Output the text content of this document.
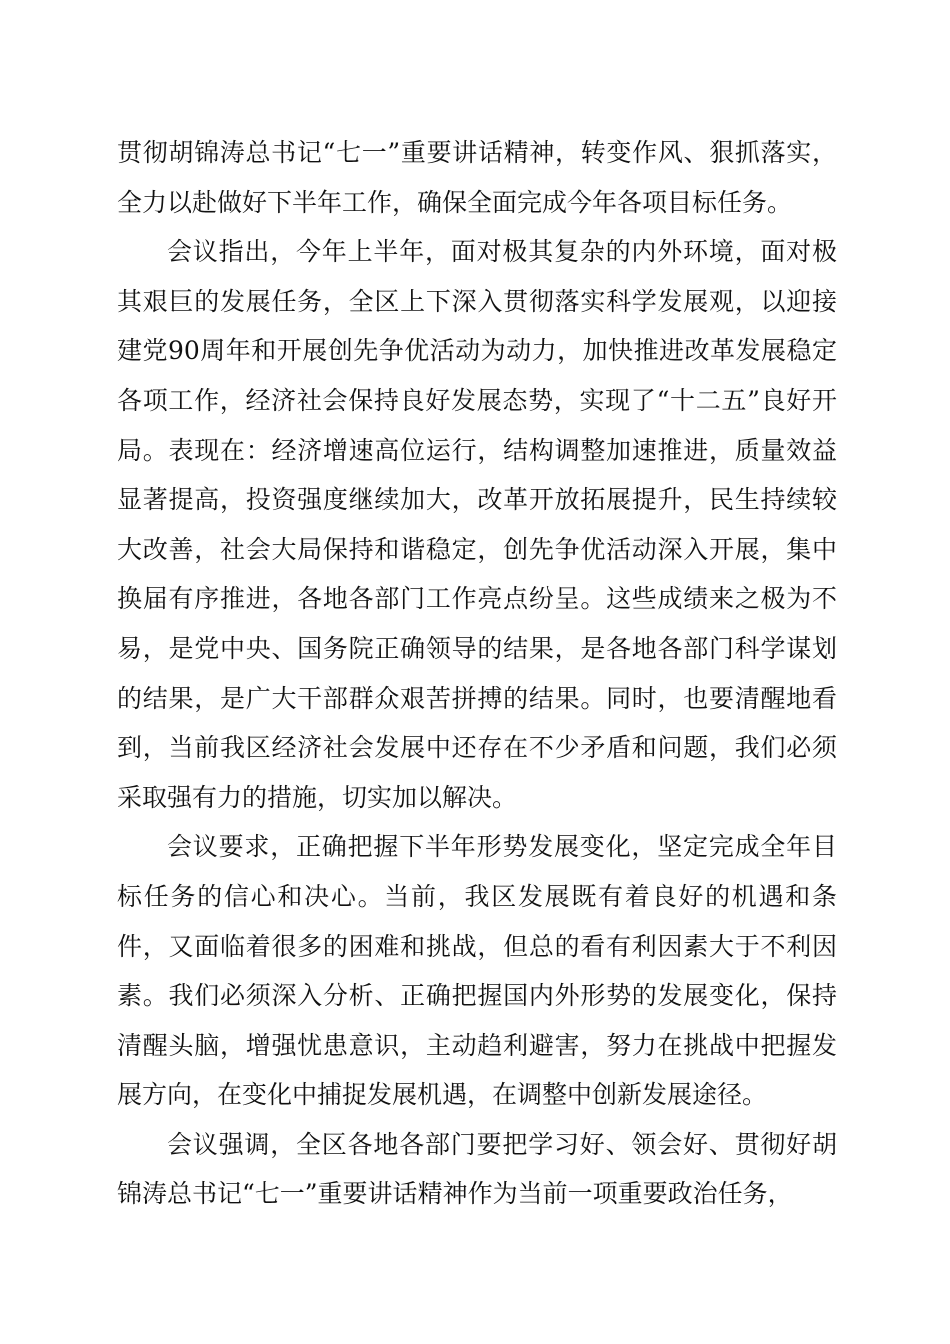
贯彻胡锦涛总书记“七一”重要讲话精神，转变作风、狠抓落实，全力以赴做好下半年工作，确保全面完成今年各项目标任务。

会议指出，今年上半年，面对极其复杂的内外环境，面对极其艰巨的发展任务，全区上下深入贯彻落实科学发展观，以迎接建党90周年和开展创先争优活动为动力，加快推进改革发展稳定各项工作，经济社会保持良好发展态势，实现了“十二五”良好开局。表现在：经济增速高位运行，结构调整加速推进，质量效益显著提高，投资强度继续加大，改革开放拓展提升，民生持续较大改善，社会大局保持和谐稳定，创先争优活动深入开展，集中换届有序推进，各地各部门工作亮点纷呈。这些成绩来之极为不易，是党中央、国务院正确领导的结果，是各地各部门科学谋划的结果，是广大干部群众艰苦拼搏的结果。同时，也要清醒地看到，当前我区经济社会发展中还存在不少矛盾和问题，我们必须采取强有力的措施，切实加以解决。

会议要求，正确把握下半年形势发展变化，坚定完成全年目标任务的信心和决心。当前，我区发展既有着良好的机遇和条件，又面临着很多的困难和挑战，但总的看有利因素大于不利因素。我们必须深入分析、正确把握国内外形势的发展变化，保持清醒头脑，增强忧患意识，主动趋利避害，努力在挑战中把握发展方向，在变化中捕捉发展机遇，在调整中创新发展途径。

会议强调，全区各地各部门要把学习好、领会好、贯彻好胡锦涛总书记“七一”重要讲话精神作为当前一项重要政治任务，
